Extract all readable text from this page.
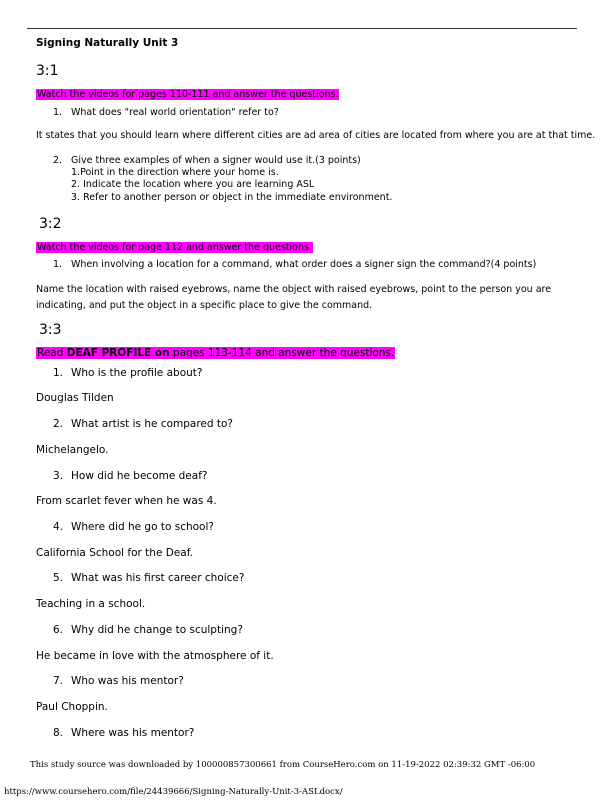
Signing Naturally Unit 3
3:1
Watch the videos for pages 110-111 and answer the questions.
1. What does "real world orientation" refer to?
It states that you should learn where different cities are ad area of cities are located from where you are at that time.
2. Give three examples of when a signer would use it.(3 points)
1.Point in the direction where your home is.
2. Indicate the location where you are learning ASL
3. Refer to another person or object in the immediate environment.
3:2
Watch the videos for page 112 and answer the questions.
1. When involving a location for a command, what order does a signer sign the command?(4 points)
Name the location with raised eyebrows, name the object with raised eyebrows, point to the person you are indicating, and put the object in a specific place to give the command.
3:3
Read DEAF PROFILE on pages 113-114 and answer the questions.
1. Who is the profile about?
Douglas Tilden
2. What artist is he compared to?
Michelangelo.
3. How did he become deaf?
From scarlet fever when he was 4.
4. Where did he go to school?
California School for the Deaf.
5. What was his first career choice?
Teaching in a school.
6. Why did he change to sculpting?
He became in love with the atmosphere of it.
7. Who was his mentor?
Paul Choppin.
8. Where was his mentor?
This study source was downloaded by 100000857300661 from CourseHero.com on 11-19-2022 02:39:32 GMT -06:00
https://www.coursehero.com/file/24439666/Signing-Naturally-Unit-3-ASLdocx/
